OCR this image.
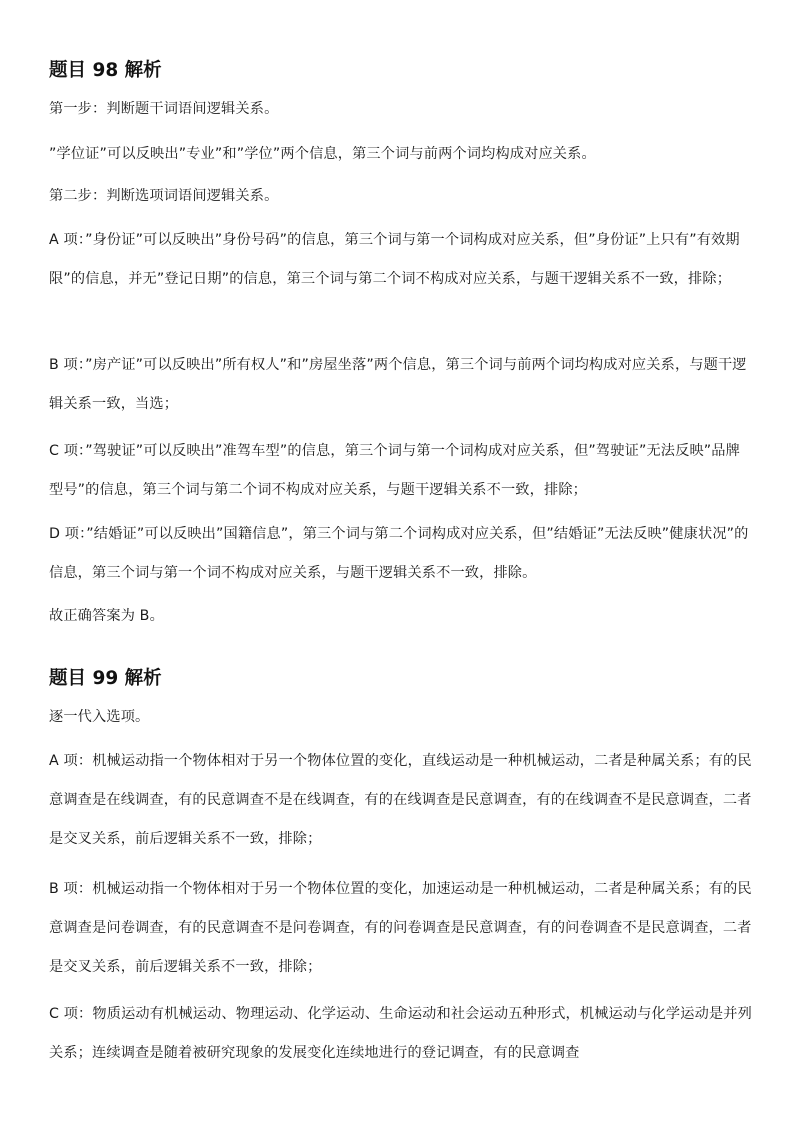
题目 98 解析

第一步：判断题干词语间逻辑关系。

”学位证”可以反映出”专业”和”学位”两个信息，第三个词与前两个词均构成对应关系。

第二步：判断选项词语间逻辑关系。

A 项：”身份证”可以反映出”身份号码”的信息，第三个词与第一个词构成对应关系，但”身份证”上只有”有效期限”的信息，并无”登记日期”的信息，第三个词与第二个词不构成对应关系，与题干逻辑关系不一致，排除；

B 项：”房产证”可以反映出”所有权人”和”房屋坐落”两个信息，第三个词与前两个词均构成对应关系，与题干逻辑关系一致，当选；

C 项：”驾驶证”可以反映出”准驾车型”的信息，第三个词与第一个词构成对应关系，但”驾驶证”无法反映”品牌型号”的信息，第三个词与第二个词不构成对应关系，与题干逻辑关系不一致，排除；

D 项：”结婚证”可以反映出”国籍信息”，第三个词与第二个词构成对应关系，但”结婚证”无法反映”健康状况”的信息，第三个词与第一个词不构成对应关系，与题干逻辑关系不一致，排除。

故正确答案为 B。

题目 99 解析

逐一代入选项。

A 项：机械运动指一个物体相对于另一个物体位置的变化，直线运动是一种机械运动，二者是种属关系；有的民意调查是在线调查，有的民意调查不是在线调查，有的在线调查是民意调查，有的在线调查不是民意调查，二者是交叉关系，前后逻辑关系不一致，排除；

B 项：机械运动指一个物体相对于另一个物体位置的变化，加速运动是一种机械运动，二者是种属关系；有的民意调查是问卷调查，有的民意调查不是问卷调查，有的问卷调查是民意调查，有的问卷调查不是民意调查，二者是交叉关系，前后逻辑关系不一致，排除；

C 项：物质运动有机械运动、物理运动、化学运动、生命运动和社会运动五种形式，机械运动与化学运动是并列关系；连续调查是随着被研究现象的发展变化连续地进行的登记调查，有的民意调查
